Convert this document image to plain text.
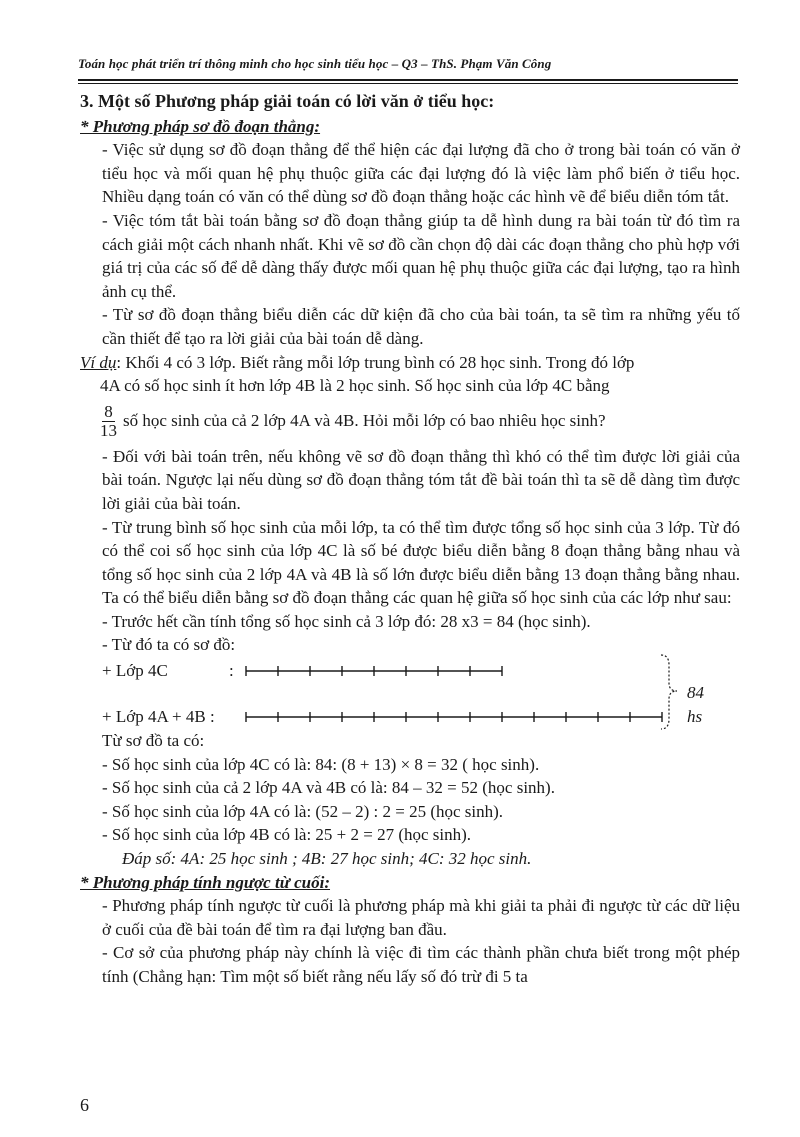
Toán học phát triển trí thông minh cho học sinh tiểu học – Q3 – ThS. Phạm Văn Công
3. Một số Phương pháp giải toán có lời văn ở tiểu học:
* Phương pháp sơ đồ đoạn thẳng:

- Việc sử dụng sơ đồ đoạn thẳng để thể hiện các đại lượng đã cho ở trong bài toán có văn ở tiểu học và mối quan hệ phụ thuộc giữa các đại lượng đó là việc làm phổ biến ở tiểu học. Nhiều dạng toán có văn có thể dùng sơ đồ đoạn thẳng hoặc các hình vẽ để biểu diễn tóm tắt.

- Việc tóm tắt bài toán bằng sơ đồ đoạn thẳng giúp ta dễ hình dung ra bài toán từ đó tìm ra cách giải một cách nhanh nhất. Khi vẽ sơ đồ cần chọn độ dài các đoạn thẳng cho phù hợp với giá trị của các số để dễ dàng thấy được mối quan hệ phụ thuộc giữa các đại lượng, tạo ra hình ảnh cụ thể.

- Từ sơ đồ đoạn thẳng biểu diễn các dữ kiện đã cho của bài toán, ta sẽ tìm ra những yếu tố cần thiết để tạo ra lời giải của bài toán dễ dàng.

Ví dụ: Khối 4 có 3 lớp. Biết rằng mỗi lớp trung bình có 28 học sinh. Trong đó lớp

4A có số học sinh ít hơn lớp 4B là 2 học sinh. Số học sinh của lớp 4C bằng

$\frac{8}{13}$ số học sinh của cả 2 lớp 4A và 4B. Hỏi mỗi lớp có bao nhiêu học sinh?

- Đối với bài toán trên, nếu không vẽ sơ đồ đoạn thẳng thì khó có thể tìm được lời giải của bài toán. Ngược lại nếu dùng sơ đồ đoạn thẳng tóm tắt đề bài toán thì ta sẽ dễ dàng tìm được lời giải của bài toán.

- Từ trung bình số học sinh của mỗi lớp, ta có thể tìm được tổng số học sinh của 3 lớp. Từ đó có thể coi số học sinh của lớp 4C là số bé được biểu diễn bằng 8 đoạn thẳng bằng nhau và tổng số học sinh của 2 lớp 4A và 4B là số lớn được biểu diễn bằng 13 đoạn thẳng bằng nhau. Ta có thể biểu diễn bằng sơ đồ đoạn thẳng các quan hệ giữa số học sinh của các lớp như sau:

- Trước hết cần tính tổng số học sinh cả 3 lớp đó: 28 x3 = 84 (học sinh).

- Từ đó ta có sơ đồ:

+ Lớp 4C	:
+ Lớp 4A + 4B :
84 hs

Từ sơ đồ ta có:

- Số học sinh của lớp 4C có là: 84: (8 + 13) × 8 = 32 ( học sinh).

- Số học sinh của cả 2 lớp 4A và 4B có là: 84 – 32 = 52 (học sinh).

- Số học sinh của lớp 4A có là: (52 – 2) : 2 = 25 (học sinh).

- Số học sinh của lớp 4B có là: 25 + 2 = 27 (học sinh).

Đáp số: 4A: 25 học sinh ; 4B: 27 học sinh; 4C: 32 học sinh.

* Phương pháp tính ngược từ cuối:

- Phương pháp tính ngược từ cuối là phương pháp mà khi giải ta phải đi ngược từ các dữ liệu ở cuối của đề bài toán để tìm ra đại lượng ban đầu.

- Cơ sở của phương pháp này chính là việc đi tìm các thành phần chưa biết trong một phép tính (Chẳng hạn: Tìm một số biết rằng nếu lấy số đó trừ đi 5 ta

6
